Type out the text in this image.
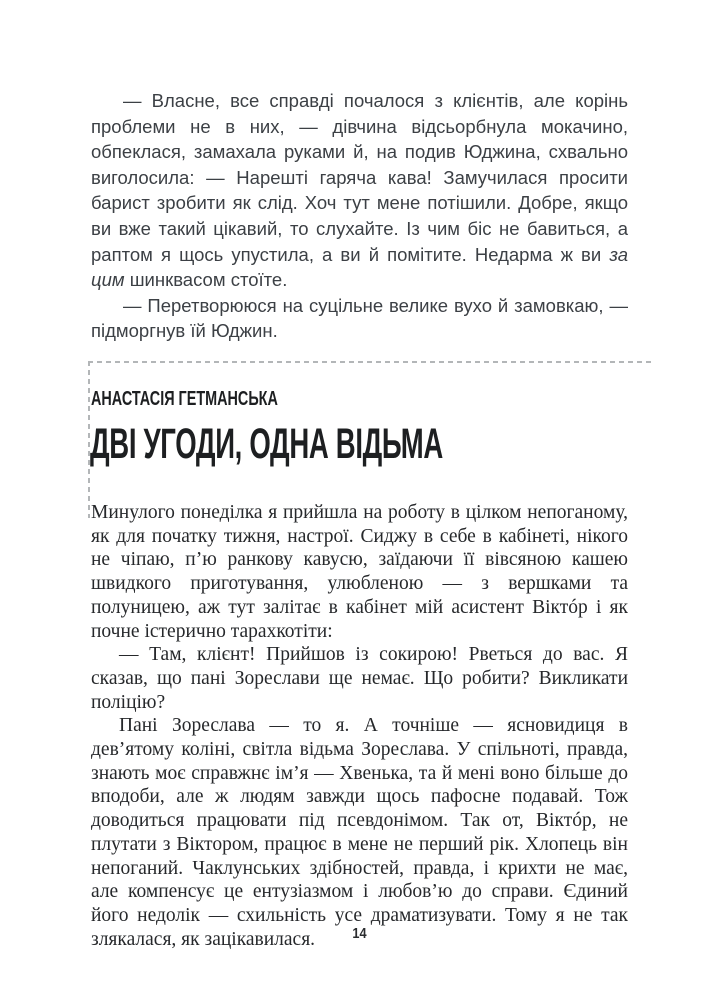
— Власне, все справді почалося з клієнтів, але корінь проблеми не в них, — дівчина відсьорбнула мокачино, обпеклася, замахала руками й, на подив Юджина, схвально виголосила: — Нарешті гаряча кава! Замучилася просити барист зробити як слід. Хоч тут мене потішили. Добре, якщо ви вже такий цікавий, то слухайте. Із чим біс не бавиться, а раптом я щось упустила, а ви й помітите. Недарма ж ви за цим шинквасом стоїте.

— Перетворююся на суцільне велике вухо й замовкаю, — підморгнув їй Юджин.

АНАСТАСІЯ ГЕТМАНСЬКА
ДВІ УГОДИ, ОДНА ВІДЬМА

Минулого понеділка я прийшла на роботу в цілком непоганому, як для початку тижня, настрої. Сиджу в себе в кабінеті, нікого не чіпаю, п’ю ранкову кавусю, заїдаючи її вівсяною кашею швидкого приготування, улюбленою — з вершками та полуницею, аж тут залітає в кабінет мій асистент Віктóр і як почне істерично тарахкотіти:

— Там, клієнт! Прийшов із сокирою! Рветься до вас. Я сказав, що пані Зореслави ще немає. Що робити? Викликати поліцію?

Пані Зореслава — то я. А точніше — ясновидиця в дев’ятому коліні, світла відьма Зореслава. У спільноті, правда, знають моє справжнє ім’я — Хвенька, та й мені воно більше до вподоби, але ж людям завжди щось пафосне подавай. Тож доводиться працювати під псевдонімом. Так от, Віктóр, не плутати з Віктором, працює в мене не перший рік. Хлопець він непоганий. Чаклунських здібностей, правда, і крихти не має, але компенсує це ентузіазмом і любов’ю до справи. Єдиний його недолік — схильність усе драматизувати. Тому я не так злякалася, як зацікавилася.	14
